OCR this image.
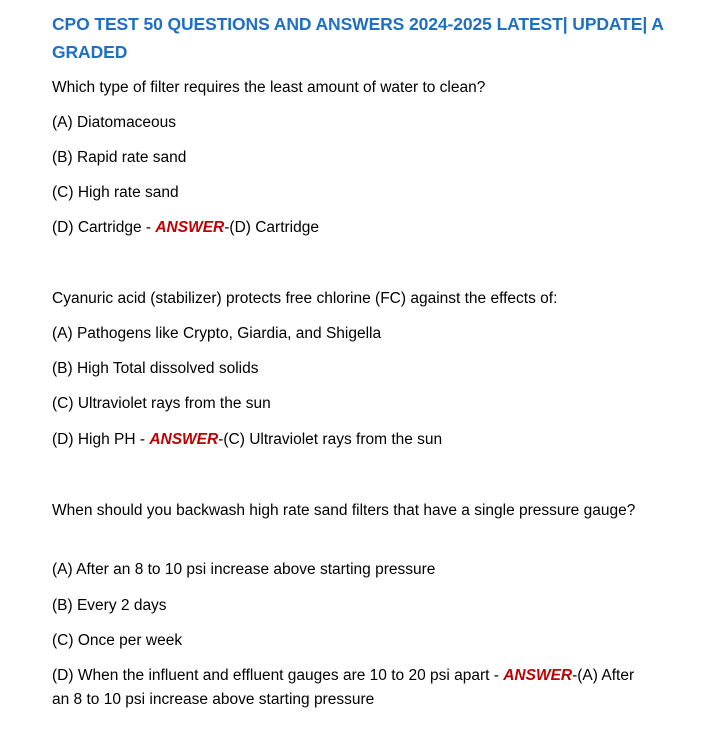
CPO TEST 50 QUESTIONS AND ANSWERS 2024-2025 LATEST| UPDATE| A GRADED
Which type of filter requires the least amount of water to clean?
(A) Diatomaceous
(B) Rapid rate sand
(C) High rate sand
(D) Cartridge - ANSWER-(D) Cartridge
Cyanuric acid (stabilizer) protects free chlorine (FC) against the effects of:
(A) Pathogens like Crypto, Giardia, and Shigella
(B) High Total dissolved solids
(C) Ultraviolet rays from the sun
(D) High PH - ANSWER-(C) Ultraviolet rays from the sun
When should you backwash high rate sand filters that have a single pressure gauge?
(A) After an 8 to 10 psi increase above starting pressure
(B) Every 2 days
(C) Once per week
(D) When the influent and effluent gauges are 10 to 20 psi apart - ANSWER-(A) After an 8 to 10 psi increase above starting pressure
